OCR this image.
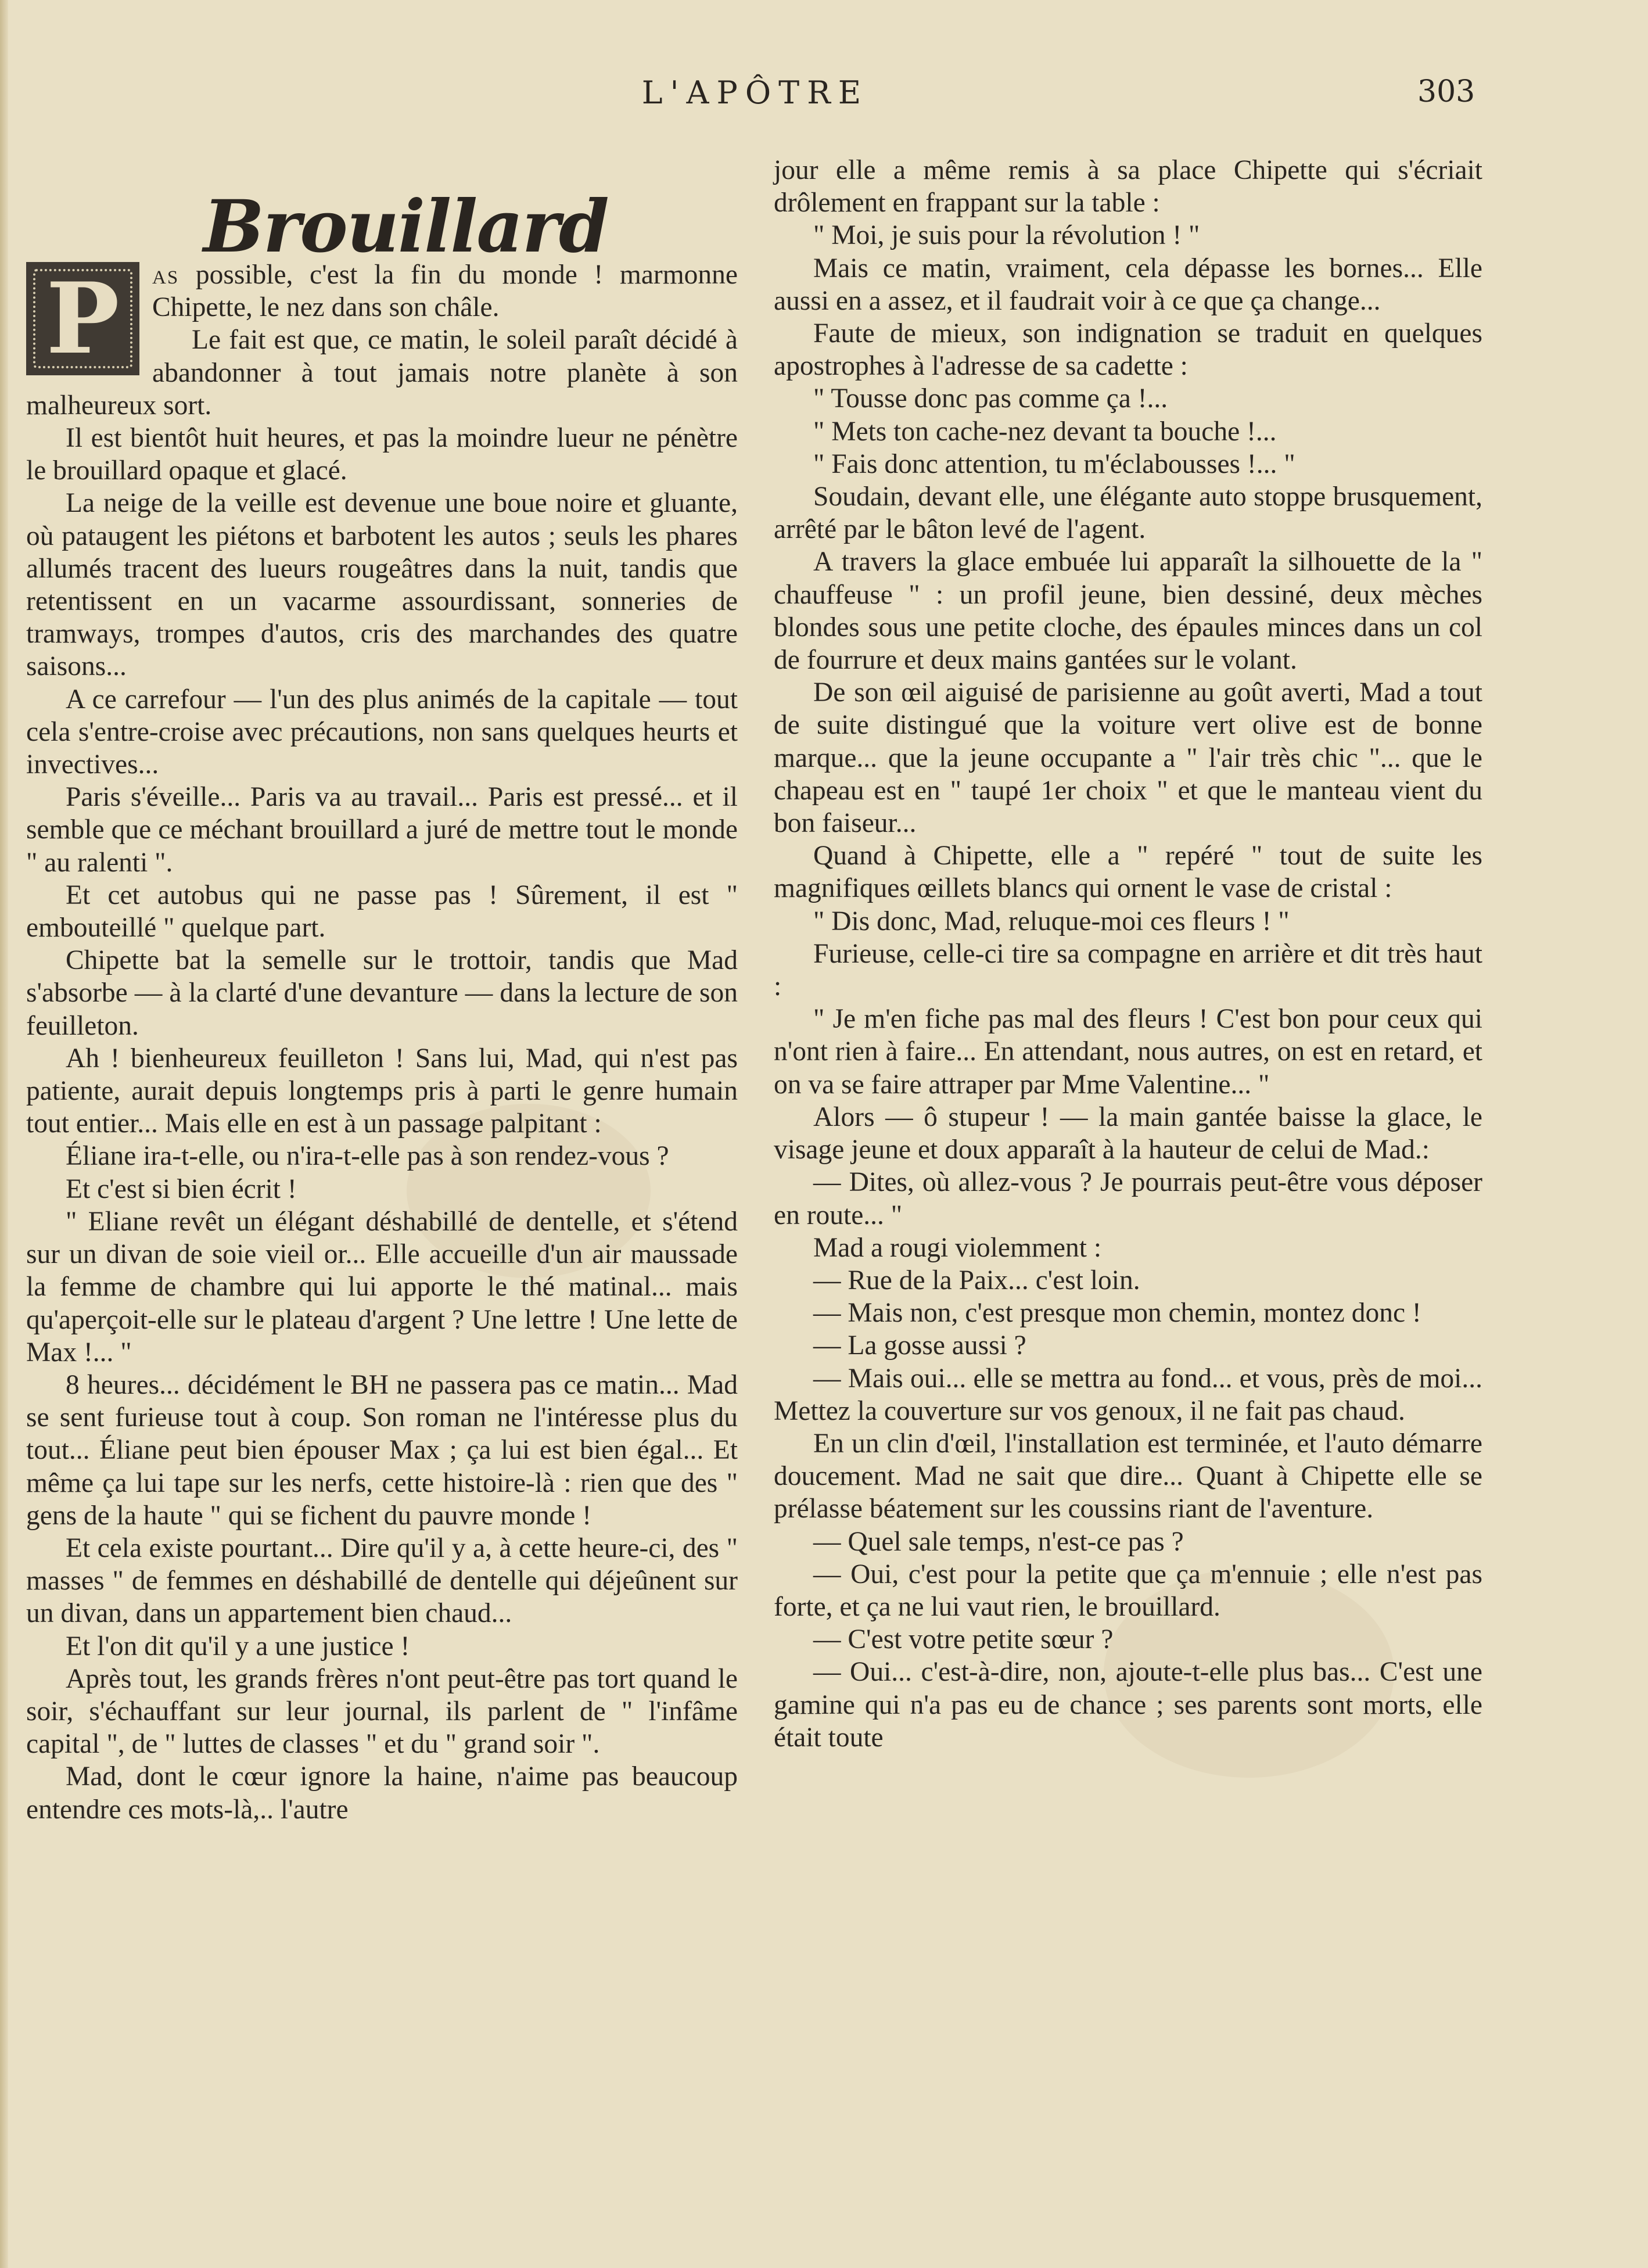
L'APÔTRE	303
Brouillard

P	as possible, c'est la fin du monde ! marmonne Chipette, le nez dans son châle.

Le fait est que, ce matin, le soleil paraît décidé à abandonner à tout jamais notre planète à son malheureux sort.

Il est bientôt huit heures, et pas la moindre lueur ne pénètre le brouillard opaque et glacé.

La neige de la veille est devenue une boue noire et gluante, où pataugent les piétons et barbotent les autos ; seuls les phares allumés tracent des lueurs rougeâtres dans la nuit, tandis que retentissent en un vacarme assourdissant, sonneries de tramways, trompes d'autos, cris des marchandes des quatre saisons...

A ce carrefour — l'un des plus animés de la capitale — tout cela s'entre-croise avec précautions, non sans quelques heurts et invectives...

Paris s'éveille... Paris va au travail... Paris est pressé... et il semble que ce méchant brouillard a juré de mettre tout le monde " au ralenti ".

Et cet autobus qui ne passe pas ! Sûrement, il est " embouteillé " quelque part.

Chipette bat la semelle sur le trottoir, tandis que Mad s'absorbe — à la clarté d'une devanture — dans la lecture de son feuilleton.

Ah ! bienheureux feuilleton ! Sans lui, Mad, qui n'est pas patiente, aurait depuis longtemps pris à parti le genre humain tout entier... Mais elle en est à un passage palpitant :

Éliane ira-t-elle, ou n'ira-t-elle pas à son rendez-vous ?

Et c'est si bien écrit !

" Eliane revêt un élégant déshabillé de dentelle, et s'étend sur un divan de soie vieil or... Elle accueille d'un air maussade la femme de chambre qui lui apporte le thé matinal... mais qu'aperçoit-elle sur le plateau d'argent ? Une lettre ! Une lette de Max !... "

8 heures... décidément le BH ne passera pas ce matin... Mad se sent furieuse tout à coup. Son roman ne l'intéresse plus du tout... Éliane peut bien épouser Max ; ça lui est bien égal... Et même ça lui tape sur les nerfs, cette histoire-là : rien que des " gens de la haute " qui se fichent du pauvre monde !

Et cela existe pourtant... Dire qu'il y a, à cette heure-ci, des " masses " de femmes en déshabillé de dentelle qui déjeûnent sur un divan, dans un appartement bien chaud...

Et l'on dit qu'il y a une justice !

Après tout, les grands frères n'ont peut-être pas tort quand le soir, s'échauffant sur leur journal, ils parlent de " l'infâme capital ", de " luttes de classes " et du " grand soir ".

Mad, dont le cœur ignore la haine, n'aime pas beaucoup entendre ces mots-là,.. l'autre

jour elle a même remis à sa place Chipette qui s'écriait drôlement en frappant sur la table :

" Moi, je suis pour la révolution ! "

Mais ce matin, vraiment, cela dépasse les bornes... Elle aussi en a assez, et il faudrait voir à ce que ça change...

Faute de mieux, son indignation se traduit en quelques apostrophes à l'adresse de sa cadette :

" Tousse donc pas comme ça !...

" Mets ton cache-nez devant ta bouche !...

" Fais donc attention, tu m'éclabousses !... "

Soudain, devant elle, une élégante auto stoppe brusquement, arrêté par le bâton levé de l'agent.

A travers la glace embuée lui apparaît la silhouette de la " chauffeuse " : un profil jeune, bien dessiné, deux mèches blondes sous une petite cloche, des épaules minces dans un col de fourrure et deux mains gantées sur le volant.

De son œil aiguisé de parisienne au goût averti, Mad a tout de suite distingué que la voiture vert olive est de bonne marque... que la jeune occupante a " l'air très chic "... que le chapeau est en " taupé 1er choix " et que le manteau vient du bon faiseur...

Quand à Chipette, elle a " repéré " tout de suite les magnifiques œillets blancs qui ornent le vase de cristal :

" Dis donc, Mad, reluque-moi ces fleurs ! "

Furieuse, celle-ci tire sa compagne en arrière et dit très haut :

" Je m'en fiche pas mal des fleurs ! C'est bon pour ceux qui n'ont rien à faire... En attendant, nous autres, on est en retard, et on va se faire attraper par Mme Valentine... "

Alors — ô stupeur ! — la main gantée baisse la glace, le visage jeune et doux apparaît à la hauteur de celui de Mad.:

— Dites, où allez-vous ? Je pourrais peut-être vous déposer en route... "

Mad a rougi violemment :

— Rue de la Paix... c'est loin.

— Mais non, c'est presque mon chemin, montez donc !

— La gosse aussi ?

— Mais oui... elle se mettra au fond... et vous, près de moi... Mettez la couverture sur vos genoux, il ne fait pas chaud.

En un clin d'œil, l'installation est terminée, et l'auto démarre doucement. Mad ne sait que dire... Quant à Chipette elle se prélasse béatement sur les coussins riant de l'aventure.

— Quel sale temps, n'est-ce pas ?

— Oui, c'est pour la petite que ça m'ennuie ; elle n'est pas forte, et ça ne lui vaut rien, le brouillard.

— C'est votre petite sœur ?

— Oui... c'est-à-dire, non, ajoute-t-elle plus bas... C'est une gamine qui n'a pas eu de chance ; ses parents sont morts, elle était toute
